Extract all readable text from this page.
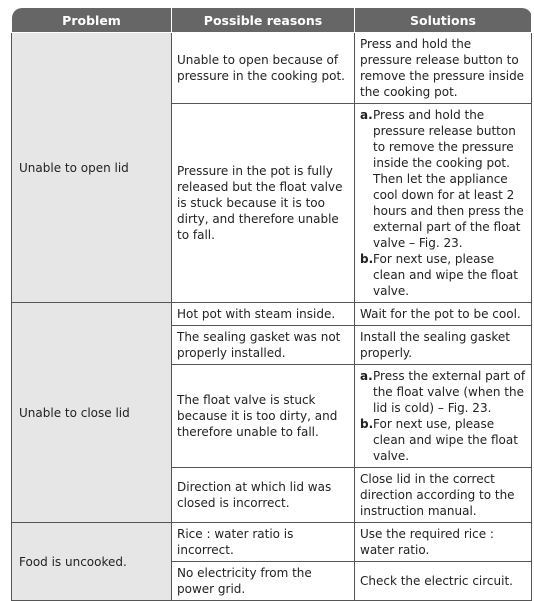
Problem	Possible reasons	Solutions
Unable to open lid	Unable to open because of pressure in the cooking pot.	Press and hold the pressure release button to remove the pressure inside the cooking pot.
	Pressure in the pot is fully released but the float valve is stuck because it is too dirty, and therefore unable to fall.	a. Press and hold the pressure release button to remove the pressure inside the cooking pot. Then let the appliance cool down for at least 2 hours and then press the external part of the float valve – Fig. 23.
b. For next use, please clean and wipe the float valve.

Unable to close lid	Hot pot with steam inside.	Wait for the pot to be cool.
	The sealing gasket was not properly installed.	Install the sealing gasket properly.
	The float valve is stuck because it is too dirty, and therefore unable to fall.	a. Press the external part of the float valve (when the lid is cold) – Fig. 23.
b. For next use, please clean and wipe the float valve.

	Direction at which lid was closed is incorrect.	Close lid in the correct direction according to the instruction manual.
Food is uncooked.	Rice : water ratio is incorrect.	Use the required rice : water ratio.
	No electricity from the power grid.	Check the electric circuit.
